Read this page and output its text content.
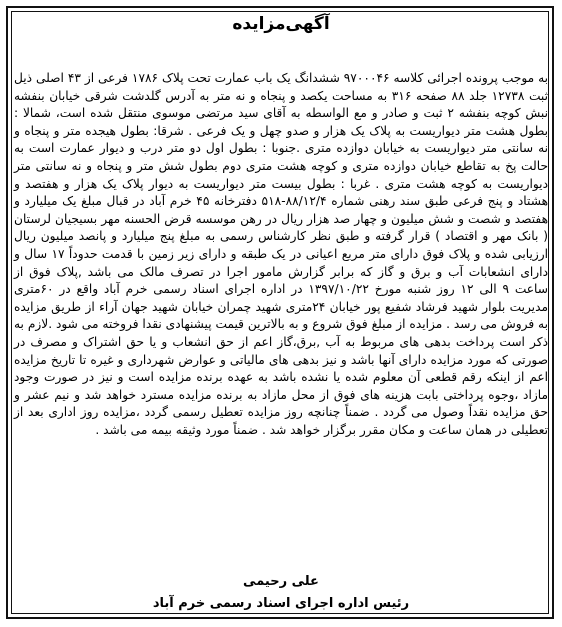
آگهی‌مزایده
به موجب پرونده اجرائی کلاسه ۹۷۰۰۰۴۶ ششدانگ یک باب عمارت تحت پلاک ۱۷۸۶ فرعی از ۴۳ اصلی ذیل ثبت ۱۲۷۳۸ جلد ۸۸ صفحه ۳۱۶ به مساحت یکصد و پنجاه و نه متر به آدرس گلدشت شرقی خیابان بنفشه نبش کوچه بنفشه ۲ ثبت و صادر و مع الواسطه به آقای سید مرتضی موسوی منتقل شده است، شمالا : بطول هشت متر دیواریست به پلاک یک هزار و صدو چهل و یک فرعی . شرقا: بطول هیجده متر و پنجاه و نه سانتی متر دیواریست به خیابان دوازده متری .جنوبا : بطول اول دو متر درب و دیوار عمارت است به حالت پخ به تقاطع خیابان دوازده متری و کوچه هشت متری دوم بطول شش متر و پنجاه و نه سانتی متر دیواریست به کوچه هشت متری . غربا : بطول بیست متر دیواریست به دیوار پلاک یک هزار و هفتصد و هشتاد و پنج فرعی طبق سند رهنی شماره ۸۸/۱۲/۴-۵۱۸ دفترخانه ۴۵ خرم آباد در قبال مبلغ یک میلیارد و هفتصد و شصت و شش میلیون و چهار صد هزار ریال در رهن موسسه قرض الحسنه مهر بسیجیان لرستان ( بانک مهر و اقتصاد ) قرار گرفته و طبق نظر کارشناس رسمی به مبلغ پنج میلیارد و پانصد میلیون ریال ارزیابی شده و پلاک فوق دارای متر مربع اعیانی در یک طبقه و دارای زیر زمین با قدمت حدوداً ۱۷ سال و دارای انشعابات آب و برق و گاز که برابر گزارش مامور اجرا در تصرف مالک می باشد ,پلاک فوق از ساعت ۹ الی ۱۲ روز شنبه مورخ ۱۳۹۷/۱۰/۲۲ در اداره اجرای اسناد رسمی خرم آباد واقع در ۶۰متری مدیریت بلوار شهید فرشاد شفیع پور خیابان ۲۴متری شهید چمران خیابان شهید جهان آراء از طریق مزایده به فروش می رسد . مزایده از مبلغ فوق شروع و به بالاترین قیمت پیشنهادی نقدا فروخته می شود .لازم به ذکر است پرداخت بدهی های مربوط به آب ,برق،گاز اعم از حق انشعاب و یا حق اشتراک و مصرف در صورتی که مورد مزایده دارای آنها باشد و نیز بدهی های مالیاتی و عوارض شهرداری و غیره تا تاریخ مزایده اعم از اینکه رقم قطعی آن معلوم شده یا نشده باشد به عهده برنده مزایده است و نیز در صورت وجود مازاد ،وجوه پرداختی بابت هزینه های فوق از محل مازاد به برنده مزایده مسترد خواهد شد و نیم عشر و حق مزایده نقداً وصول می گردد . ضمناً چنانچه روز مزایده تعطیل رسمی گردد ،مزایده روز اداری بعد از تعطیلی در همان ساعت و مکان مقرر برگزار خواهد شد . ضمناً مورد وثیقه بیمه می باشد .
علی رحیمی
رئیس اداره اجرای اسناد رسمی خرم آباد
